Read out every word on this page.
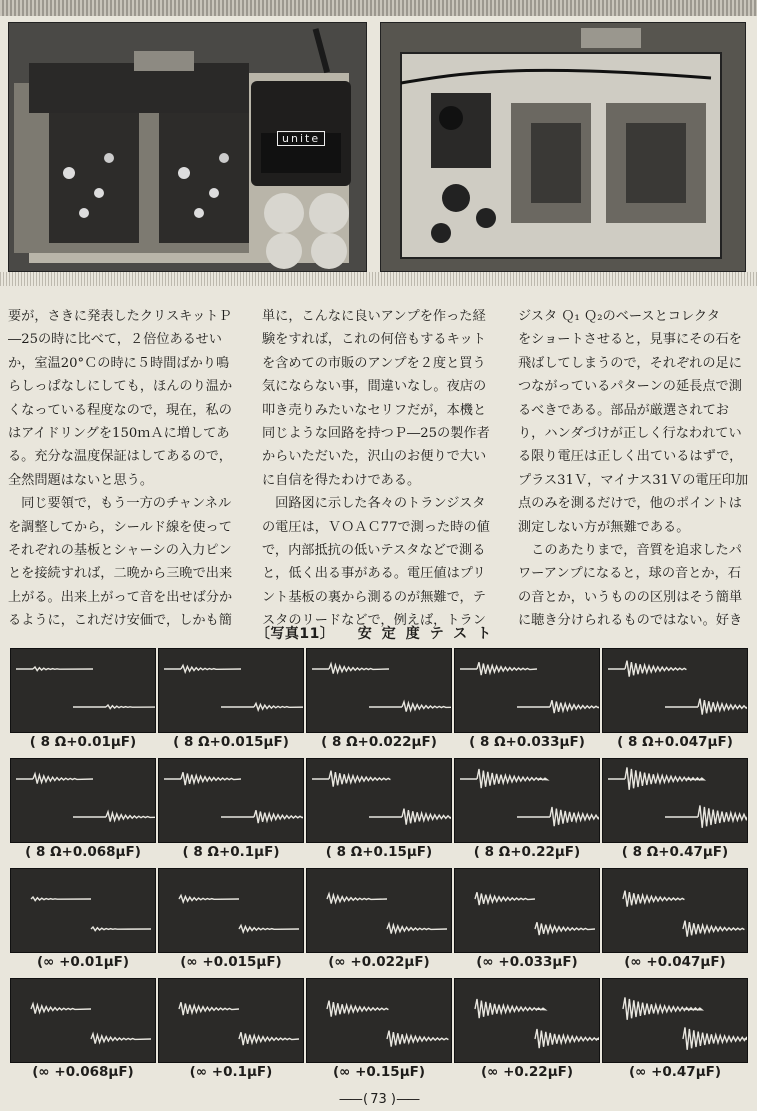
unite
要が，さきに発表したクリスキットＰ
―25の時に比べて，２倍位あるせい
か，室温20°Ｃの時に５時間ばかり鳴
らしっぱなしにしても，ほんのり温か
くなっている程度なので，現在，私の
はアイドリングを150ｍＡに増してあ
る。充分な温度保証はしてあるので，
全然問題はないと思う。
　同じ要領で，もう一方のチャンネル
を調整してから，シールド線を使って
それぞれの基板とシャーシの入力ピン
とを接続すれば，二晩から三晩で出来
上がる。出来上がって音を出せば分か
るように，これだけ安価で，しかも簡
単に，こんなに良いアンプを作った経
験をすれば，これの何倍もするキット
を含めての市販のアンプを２度と買う
気にならない事，間違いなし。夜店の
叩き売りみたいなセリフだが，本機と
同じような回路を持つＰ―25の製作者
からいただいた，沢山のお便りで大い
に自信を得たわけである。
　回路図に示した各々のトランジスタ
の電圧は，ＶＯＡＣ77で測った時の値
で，内部抵抗の低いテスタなどで測る
と，低く出る事がある。電圧値はプリ
ント基板の裏から測るのが無難で，テ
スタのリードなどで，例えば，トラン
ジスタ Ｑ₁ Ｑ₂のベースとコレクタ
をショートさせると，見事にその石を
飛ばしてしまうので，それぞれの足に
つながっているパターンの延長点で測
るべきである。部品が厳選されてお
り，ハンダづけが正しく行なわれてい
る限り電圧は正しく出ているはずで，
プラス31Ｖ，マイナス31Ｖの電圧印加
点のみを測るだけで，他のポイントは
測定しない方が無難である。
　このあたりまで，音質を追求したパ
ワーアンプになると，球の音とか，石
の音とか，いうものの区別はそう簡単
に聴き分けられるものではない。好き
〔写真11〕 安定度テスト
( 8 Ω+0.01μF)	( 8 Ω+0.015μF)	( 8 Ω+0.022μF)	( 8 Ω+0.033μF)	( 8 Ω+0.047μF)
( 8 Ω+0.068μF)	( 8 Ω+0.1μF)	( 8 Ω+0.15μF)	( 8 Ω+0.22μF)	( 8 Ω+0.47μF)
(∞ +0.01μF)	(∞ +0.015μF)	(∞ +0.022μF)	(∞ +0.033μF)	(∞ +0.047μF)
(∞ +0.068μF)	(∞ +0.1μF)	(∞ +0.15μF)	(∞ +0.22μF)	(∞ +0.47μF)
—— ( 73 ) ——
